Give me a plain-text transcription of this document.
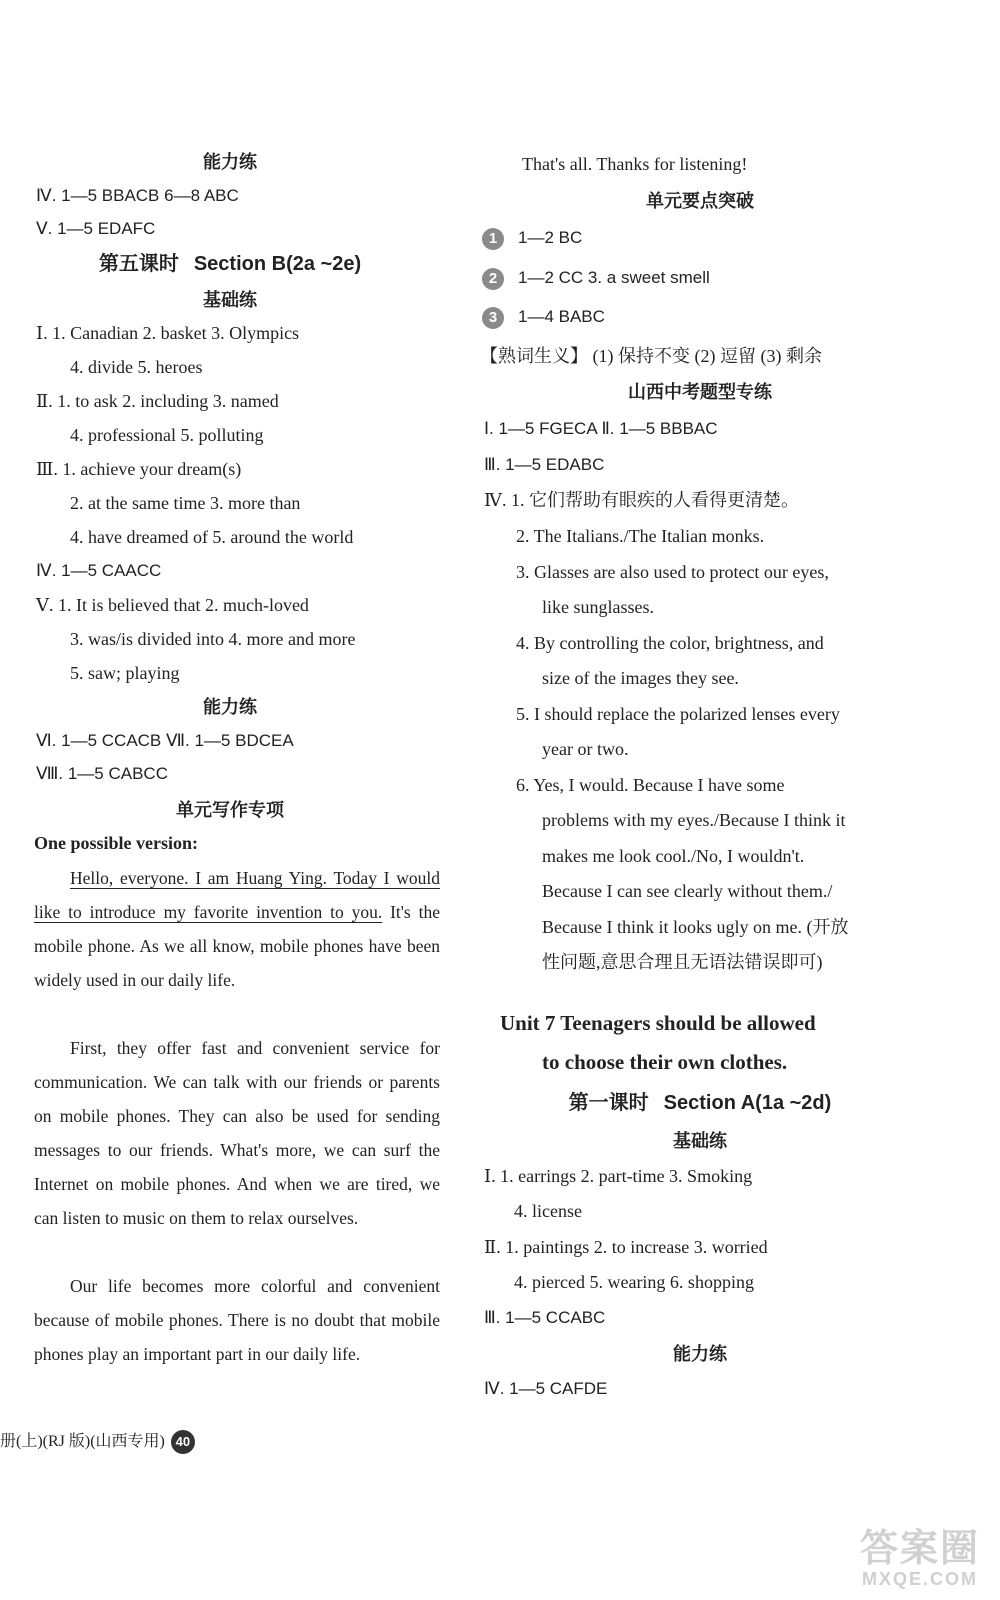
能力练
Ⅳ. 1—5 BBACB 6—8 ABC
Ⅴ. 1—5 EDAFC
第五课时 Section B(2a ~2e)
基础练
Ⅰ. 1. Canadian 2. basket 3. Olympics
4. divide 5. heroes
Ⅱ. 1. to ask 2. including 3. named
4. professional 5. polluting
Ⅲ. 1. achieve your dream(s)
2. at the same time 3. more than
4. have dreamed of 5. around the world
Ⅳ. 1—5 CAACC
Ⅴ. 1. It is believed that 2. much-loved
3. was/is divided into 4. more and more
5. saw; playing
能力练
Ⅵ. 1—5 CCACB Ⅶ. 1—5 BDCEA
Ⅷ. 1—5 CABCC
单元写作专项
One possible version:
Hello, everyone. I am Huang Ying. Today I would like to introduce my favorite invention to you. It's the mobile phone. As we all know, mobile phones have been widely used in our daily life.
First, they offer fast and convenient service for communication. We can talk with our friends or parents on mobile phones. They can also be used for sending messages to our friends. What's more, we can surf the Internet on mobile phones. And when we are tired, we can listen to music on them to relax ourselves.
Our life becomes more colorful and convenient because of mobile phones. There is no doubt that mobile phones play an important part in our daily life.
That's all. Thanks for listening!
单元要点突破
1 1—2 BC
2 1—2 CC 3. a sweet smell
3 1—4 BABC
【熟词生义】 (1) 保持不变 (2) 逗留 (3) 剩余
山西中考题型专练
Ⅰ. 1—5 FGECA Ⅱ. 1—5 BBBAC
Ⅲ. 1—5 EDABC
Ⅳ. 1. 它们帮助有眼疾的人看得更清楚。
2. The Italians./The Italian monks.
3. Glasses are also used to protect our eyes,
like sunglasses.
4. By controlling the color, brightness, and
size of the images they see.
5. I should replace the polarized lenses every
year or two.
6. Yes, I would. Because I have some
problems with my eyes./Because I think it
makes me look cool./No, I wouldn't.
Because I can see clearly without them./
Because I think it looks ugly on me. (开放
性问题,意思合理且无语法错误即可)
Unit 7 Teenagers should be allowed
to choose their own clothes.
第一课时 Section A(1a ~2d)
基础练
Ⅰ. 1. earrings 2. part-time 3. Smoking
4. license
Ⅱ. 1. paintings 2. to increase 3. worried
4. pierced 5. wearing 6. shopping
Ⅲ. 1—5 CCABC
能力练
Ⅳ. 1—5 CAFDE
册(上)(RJ 版)(山西专用) 40
答案圈
MXQE.COM
